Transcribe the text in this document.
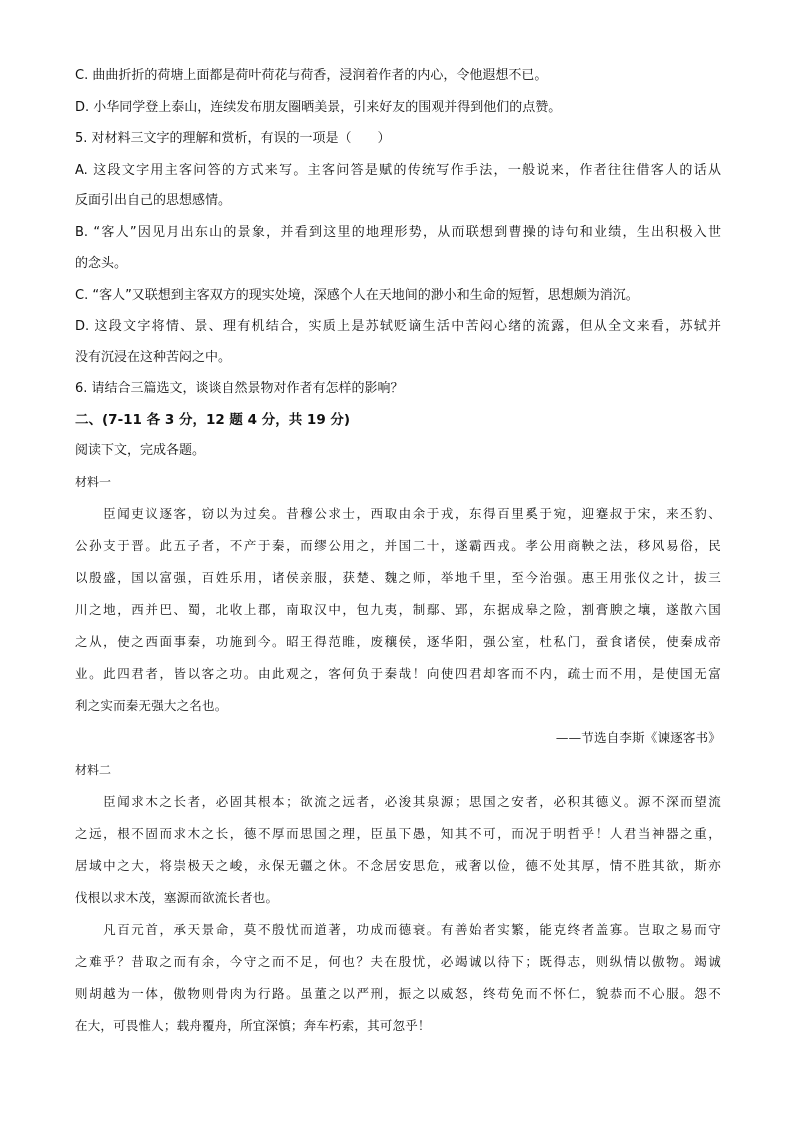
C. 曲曲折折的荷塘上面都是荷叶荷花与荷香，浸润着作者的内心，令他遐想不已。
D. 小华同学登上泰山，连续发布朋友圈晒美景，引来好友的围观并得到他们的点赞。
5. 对材料三文字的理解和赏析，有误的一项是（　　）
A. 这段文字用主客问答的方式来写。主客问答是赋的传统写作手法，一般说来，作者往往借客人的话从
反面引出自己的思想感情。
B. “客人”因见月出东山的景象，并看到这里的地理形势，从而联想到曹操的诗句和业绩，生出积极入世
的念头。
C. “客人”又联想到主客双方的现实处境，深感个人在天地间的渺小和生命的短暂，思想颇为消沉。
D. 这段文字将情、景、理有机结合，实质上是苏轼贬谪生活中苦闷心绪的流露，但从全文来看，苏轼并
没有沉浸在这种苦闷之中。
6. 请结合三篇选文，谈谈自然景物对作者有怎样的影响？
二、(7-11 各 3 分，12 题 4 分，共 19 分)
阅读下文，完成各题。
材料一
　　臣闻吏议逐客，窃以为过矣。昔穆公求士，西取由余于戎，东得百里奚于宛，迎蹇叔于宋，来丕豹、
公孙支于晋。此五子者，不产于秦，而缪公用之，并国二十，遂霸西戎。孝公用商鞅之法，移风易俗，民
以殷盛，国以富强，百姓乐用，诸侯亲服，获楚、魏之师，举地千里，至今治强。惠王用张仪之计，拔三
川之地，西并巴、蜀，北收上郡，南取汉中，包九夷，制鄢、郢，东据成皋之险，割膏腴之壤，遂散六国
之从，使之西面事秦，功施到今。昭王得范睢，废穰侯，逐华阳，强公室，杜私门，蚕食诸侯，使秦成帝
业。此四君者，皆以客之功。由此观之，客何负于秦哉！向使四君却客而不内，疏士而不用，是使国无富
利之实而秦无强大之名也。
——节选自李斯《谏逐客书》
材料二
　　臣闻求木之长者，必固其根本；欲流之远者，必浚其泉源；思国之安者，必积其德义。源不深而望流
之远，根不固而求木之长，德不厚而思国之理，臣虽下愚，知其不可，而况于明哲乎！人君当神器之重，
居域中之大，将崇极天之峻，永保无疆之休。不念居安思危，戒奢以俭，德不处其厚，情不胜其欲，斯亦
伐根以求木茂，塞源而欲流长者也。
　　凡百元首，承天景命，莫不殷忧而道著，功成而德衰。有善始者实繁，能克终者盖寡。岂取之易而守
之难乎？昔取之而有余，今守之而不足，何也？夫在殷忧，必竭诚以待下；既得志，则纵情以傲物。竭诚
则胡越为一体，傲物则骨肉为行路。虽董之以严刑，振之以威怒，终苟免而不怀仁，貌恭而不心服。怨不
在大，可畏惟人；载舟覆舟，所宜深慎；奔车朽索，其可忽乎！
